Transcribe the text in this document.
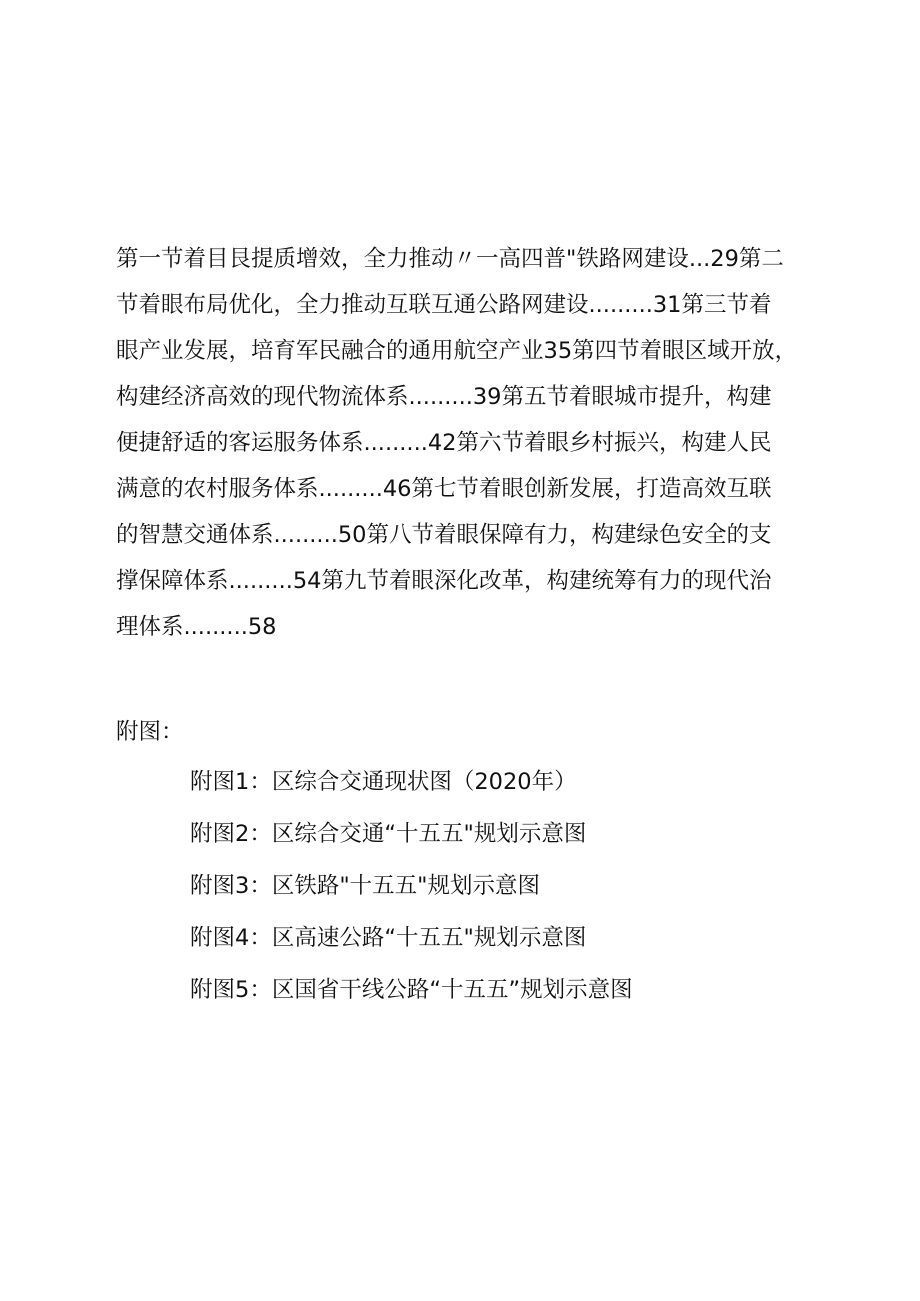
第一节着目艮提质增效，全力推动〃一高四普"铁路网建设...29第二
节着眼布局优化，全力推动互联互通公路网建设.........31第三节着
眼产业发展，培育军民融合的通用航空产业35第四节着眼区域开放，
构建经济高效的现代物流体系.........39第五节着眼城市提升，构建
便捷舒适的客运服务体系.........42第六节着眼乡村振兴，构建人民
满意的农村服务体系.........46第七节着眼创新发展，打造高效互联
的智慧交通体系.........50第八节着眼保障有力，构建绿色安全的支
撑保障体系.........54第九节着眼深化改革，构建统筹有力的现代治
理体系.........58
附图：
附图1：区综合交通现状图（2020年）
附图2：区综合交通“十五五"规划示意图
附图3：区铁路"十五五"规划示意图
附图4：区高速公路“十五五"规划示意图
附图5：区国省干线公路“十五五”规划示意图
